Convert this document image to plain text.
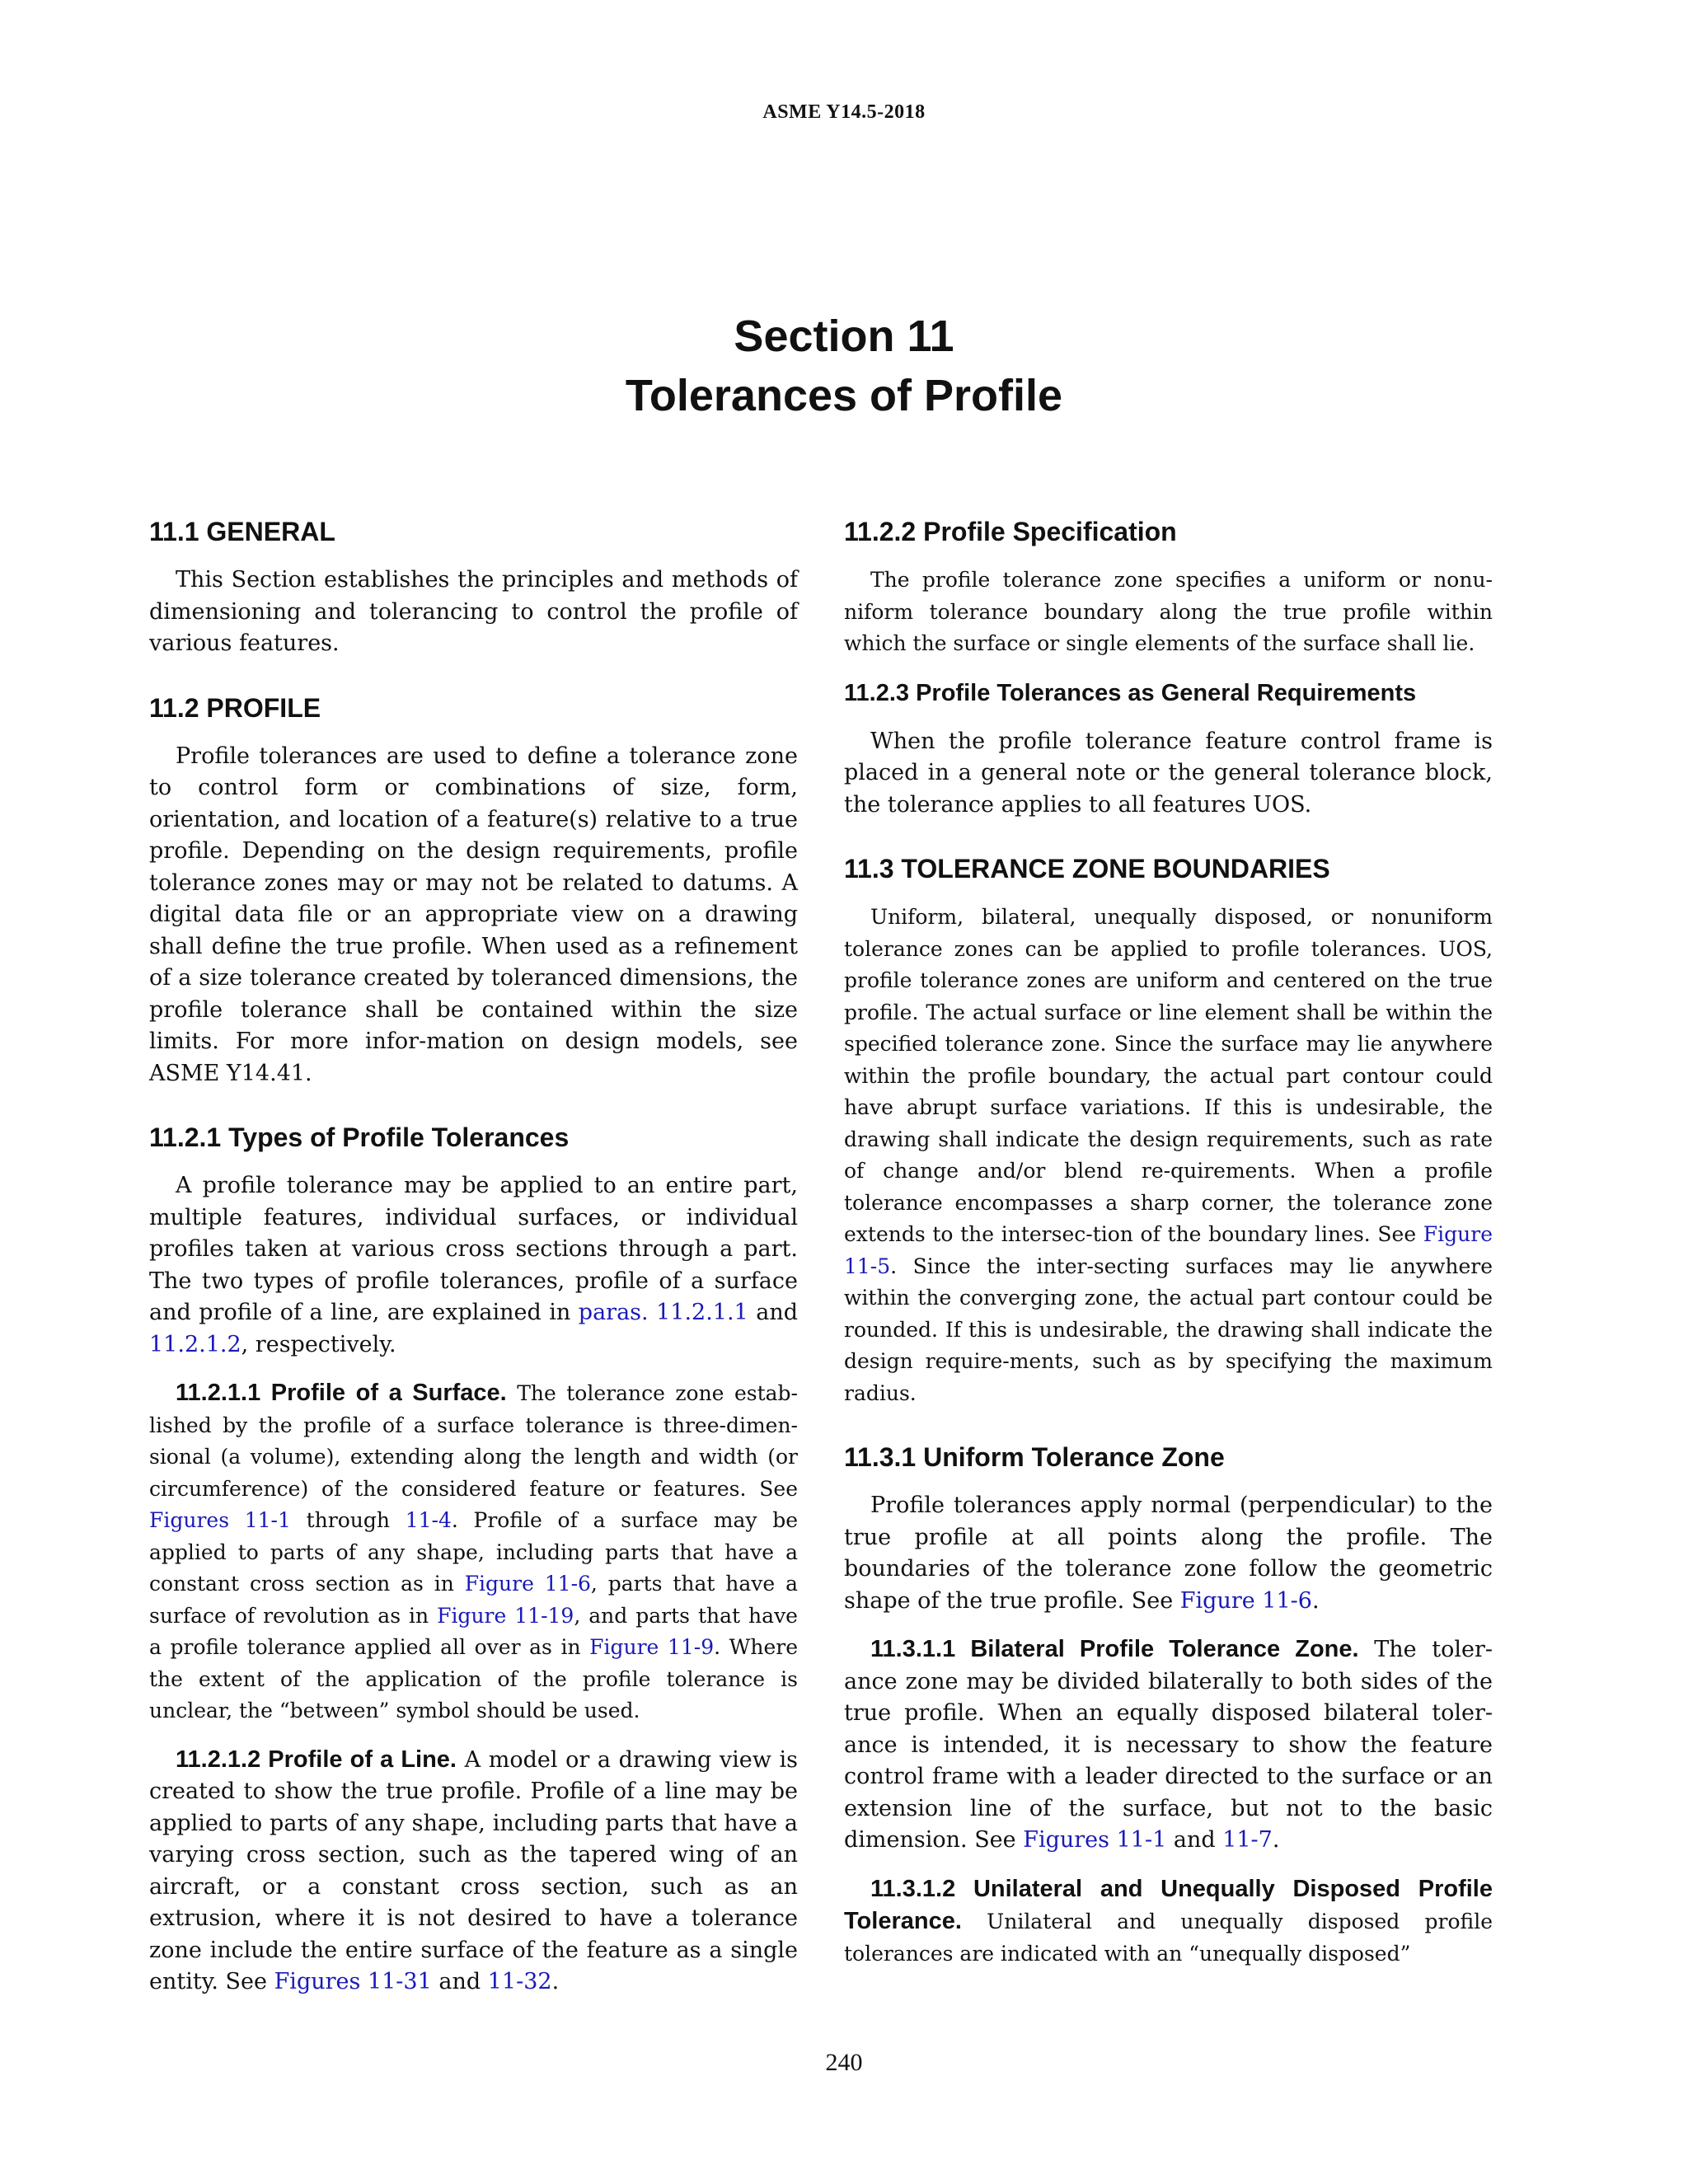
ASME Y14.5-2018
Section 11
Tolerances of Profile
11.1 GENERAL

This Section establishes the principles and methods of dimensioning and tolerancing to control the profile of various features.

11.2 PROFILE

Profile tolerances are used to define a tolerance zone to control form or combinations of size, form, orientation, and location of a feature(s) relative to a true profile. Depending on the design requirements, profile tolerance zones may or may not be related to datums. A digital data file or an appropriate view on a drawing shall define the true profile. When used as a refinement of a size tolerance created by toleranced dimensions, the profile tolerance shall be contained within the size limits. For more infor-mation on design models, see ASME Y14.41.

11.2.1 Types of Profile Tolerances

A profile tolerance may be applied to an entire part, multiple features, individual surfaces, or individual profiles taken at various cross sections through a part. The two types of profile tolerances, profile of a surface and profile of a line, are explained in paras. 11.2.1.1 and 11.2.1.2, respectively.

11.2.1.1 Profile of a Surface. The tolerance zone estab-lished by the profile of a surface tolerance is three-dimen-sional (a volume), extending along the length and width (or circumference) of the considered feature or features. See Figures 11-1 through 11-4. Profile of a surface may be applied to parts of any shape, including parts that have a constant cross section as in Figure 11-6, parts that have a surface of revolution as in Figure 11-19, and parts that have a profile tolerance applied all over as in Figure 11-9. Where the extent of the application of the profile tolerance is unclear, the “between” symbol should be used.

11.2.1.2 Profile of a Line. A model or a drawing view is created to show the true profile. Profile of a line may be applied to parts of any shape, including parts that have a varying cross section, such as the tapered wing of an aircraft, or a constant cross section, such as an extrusion, where it is not desired to have a tolerance zone include the entire surface of the feature as a single entity. See Figures 11-31 and 11-32.

11.2.2 Profile Specification

The profile tolerance zone specifies a uniform or nonu-niform tolerance boundary along the true profile within which the surface or single elements of the surface shall lie.

11.2.3 Profile Tolerances as General Requirements

When the profile tolerance feature control frame is placed in a general note or the general tolerance block, the tolerance applies to all features UOS.

11.3 TOLERANCE ZONE BOUNDARIES

Uniform, bilateral, unequally disposed, or nonuniform tolerance zones can be applied to profile tolerances. UOS, profile tolerance zones are uniform and centered on the true profile. The actual surface or line element shall be within the specified tolerance zone. Since the surface may lie anywhere within the profile boundary, the actual part contour could have abrupt surface variations. If this is undesirable, the drawing shall indicate the design requirements, such as rate of change and/or blend re-quirements. When a profile tolerance encompasses a sharp corner, the tolerance zone extends to the intersec-tion of the boundary lines. See Figure 11-5. Since the inter-secting surfaces may lie anywhere within the converging zone, the actual part contour could be rounded. If this is undesirable, the drawing shall indicate the design require-ments, such as by specifying the maximum radius.

11.3.1 Uniform Tolerance Zone

Profile tolerances apply normal (perpendicular) to the true profile at all points along the profile. The boundaries of the tolerance zone follow the geometric shape of the true profile. See Figure 11-6.

11.3.1.1 Bilateral Profile Tolerance Zone. The toler-ance zone may be divided bilaterally to both sides of the true profile. When an equally disposed bilateral toler-ance is intended, it is necessary to show the feature control frame with a leader directed to the surface or an extension line of the surface, but not to the basic dimension. See Figures 11-1 and 11-7.

11.3.1.2 Unilateral and Unequally Disposed Profile Tolerance. Unilateral and unequally disposed profile tolerances are indicated with an “unequally disposed”

240
